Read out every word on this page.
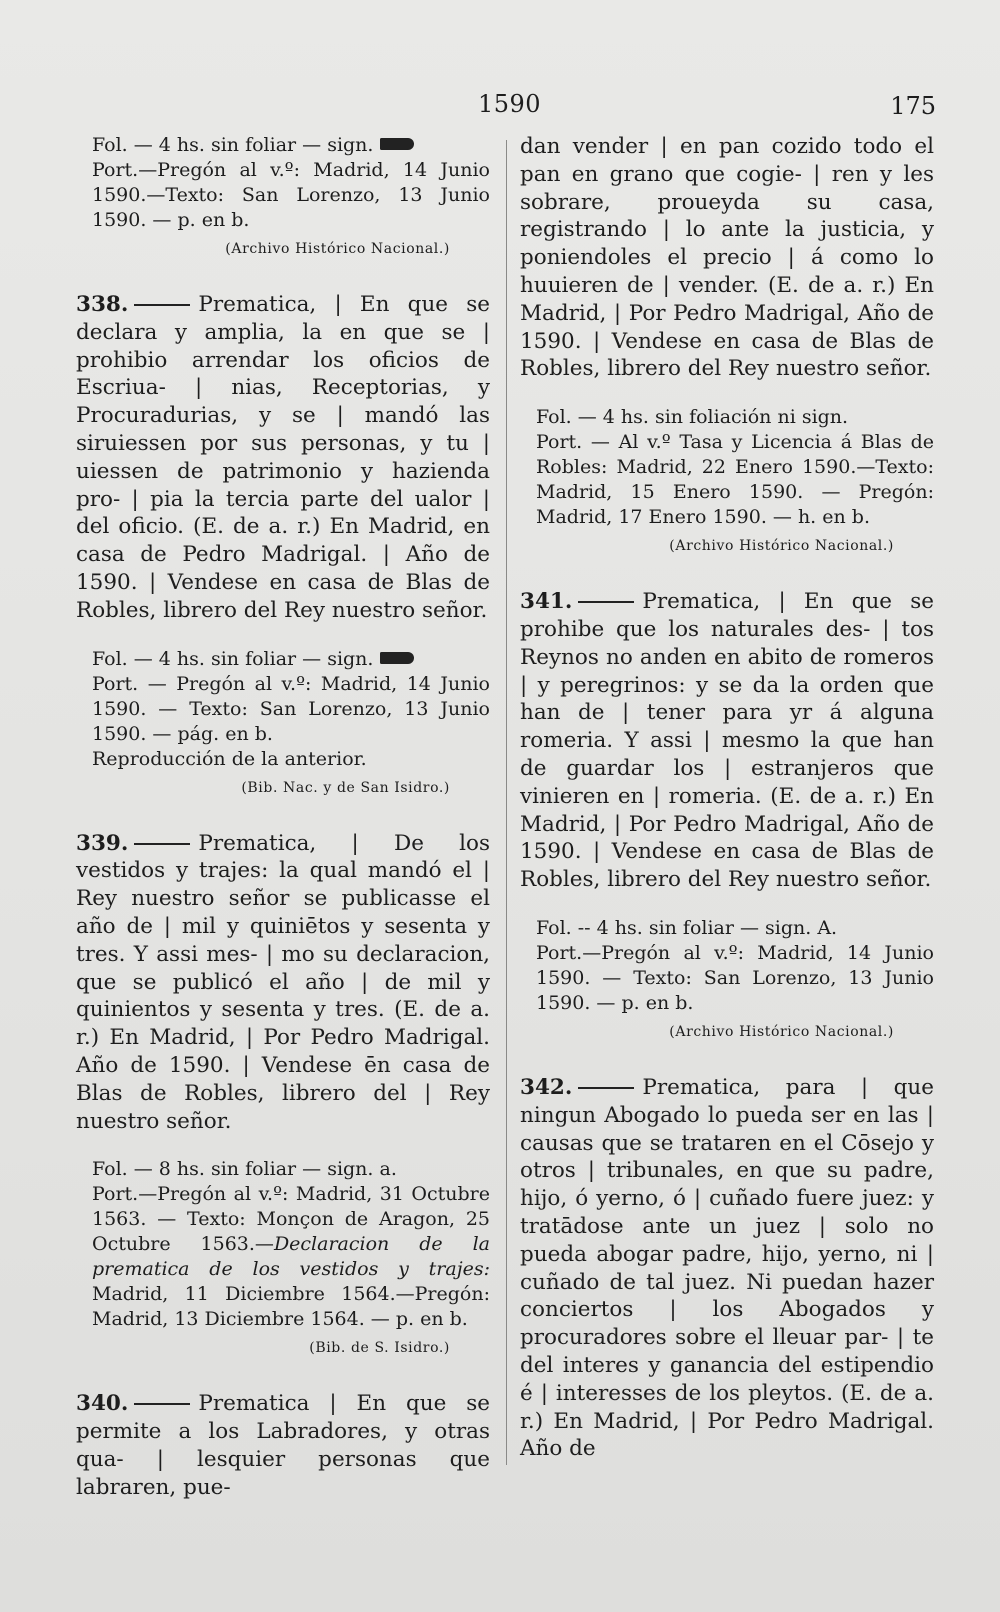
1590	175

Fol. — 4 hs. sin foliar — sign.

Port.—Pregón al v.º: Madrid, 14 Junio 1590.—Texto: San Lorenzo, 13 Junio 1590. — p. en b.

(Archivo Histórico Nacional.)

338.	Prematica, | En que se declara y amplia, la en que se | prohibio arrendar los oficios de Escriua- | nias, Receptorias, y Procuradurias, y se | mandó las siruiessen por sus personas, y tu | uiessen de patrimonio y hazienda pro- | pia la tercia parte del ualor | del oficio. (E. de a. r.) En Madrid, en casa de Pedro Madrigal. | Año de 1590. | Vendese en casa de Blas de Robles, librero del Rey nuestro señor.

Fol. — 4 hs. sin foliar — sign.

Port. — Pregón al v.º: Madrid, 14 Junio 1590. — Texto: San Lorenzo, 13 Junio 1590. — pág. en b.

Reproducción de la anterior.

(Bib. Nac. y de San Isidro.)

339.	Prematica, | De los vestidos y trajes: la qual mandó el | Rey nuestro señor se publicasse el año de | mil y quiniētos y sesenta y tres. Y assi mes- | mo su declaracion, que se publicó el año | de mil y quinientos y sesenta y tres. (E. de a. r.) En Madrid, | Por Pedro Madrigal. Año de 1590. | Vendese ēn casa de Blas de Robles, librero del | Rey nuestro señor.

Fol. — 8 hs. sin foliar — sign. a.

Port.—Pregón al v.º: Madrid, 31 Octubre 1563. — Texto: Monçon de Aragon, 25 Octubre 1563.—Declaracion de la prematica de los vestidos y trajes: Madrid, 11 Diciembre 1564.—Pregón: Madrid, 13 Diciembre 1564. — p. en b.

(Bib. de S. Isidro.)

340.	Prematica | En que se permite a los Labradores, y otras qua- | lesquier personas que labraren, pue-

dan vender | en pan cozido todo el pan en grano que cogie- | ren y les sobrare, proueyda su casa, registrando | lo ante la justicia, y poniendoles el precio | á como lo huuieren de | vender. (E. de a. r.) En Madrid, | Por Pedro Madrigal, Año de 1590. | Vendese en casa de Blas de Robles, librero del Rey nuestro señor.

Fol. — 4 hs. sin foliación ni sign.

Port. — Al v.º Tasa y Licencia á Blas de Robles: Madrid, 22 Enero 1590.—Texto: Madrid, 15 Enero 1590. — Pregón: Madrid, 17 Enero 1590. — h. en b.

(Archivo Histórico Nacional.)

341.	Prematica, | En que se prohibe que los naturales des- | tos Reynos no anden en abito de romeros | y peregrinos: y se da la orden que han de | tener para yr á alguna romeria. Y assi | mesmo la que han de guardar los | estranjeros que vinieren en | romeria. (E. de a. r.) En Madrid, | Por Pedro Madrigal, Año de 1590. | Vendese en casa de Blas de Robles, librero del Rey nuestro señor.

Fol. -- 4 hs. sin foliar — sign. A.

Port.—Pregón al v.º: Madrid, 14 Junio 1590. — Texto: San Lorenzo, 13 Junio 1590. — p. en b.

(Archivo Histórico Nacional.)

342.	Prematica, para | que ningun Abogado lo pueda ser en las | causas que se trataren en el Cōsejo y otros | tribunales, en que su padre, hijo, ó yerno, ó | cuñado fuere juez: y tratādose ante un juez | solo no pueda abogar padre, hijo, yerno, ni | cuñado de tal juez. Ni puedan hazer conciertos | los Abogados y procuradores sobre el lleuar par- | te del interes y ganancia del estipendio é | interesses de los pleytos. (E. de a. r.) En Madrid, | Por Pedro Madrigal. Año de
